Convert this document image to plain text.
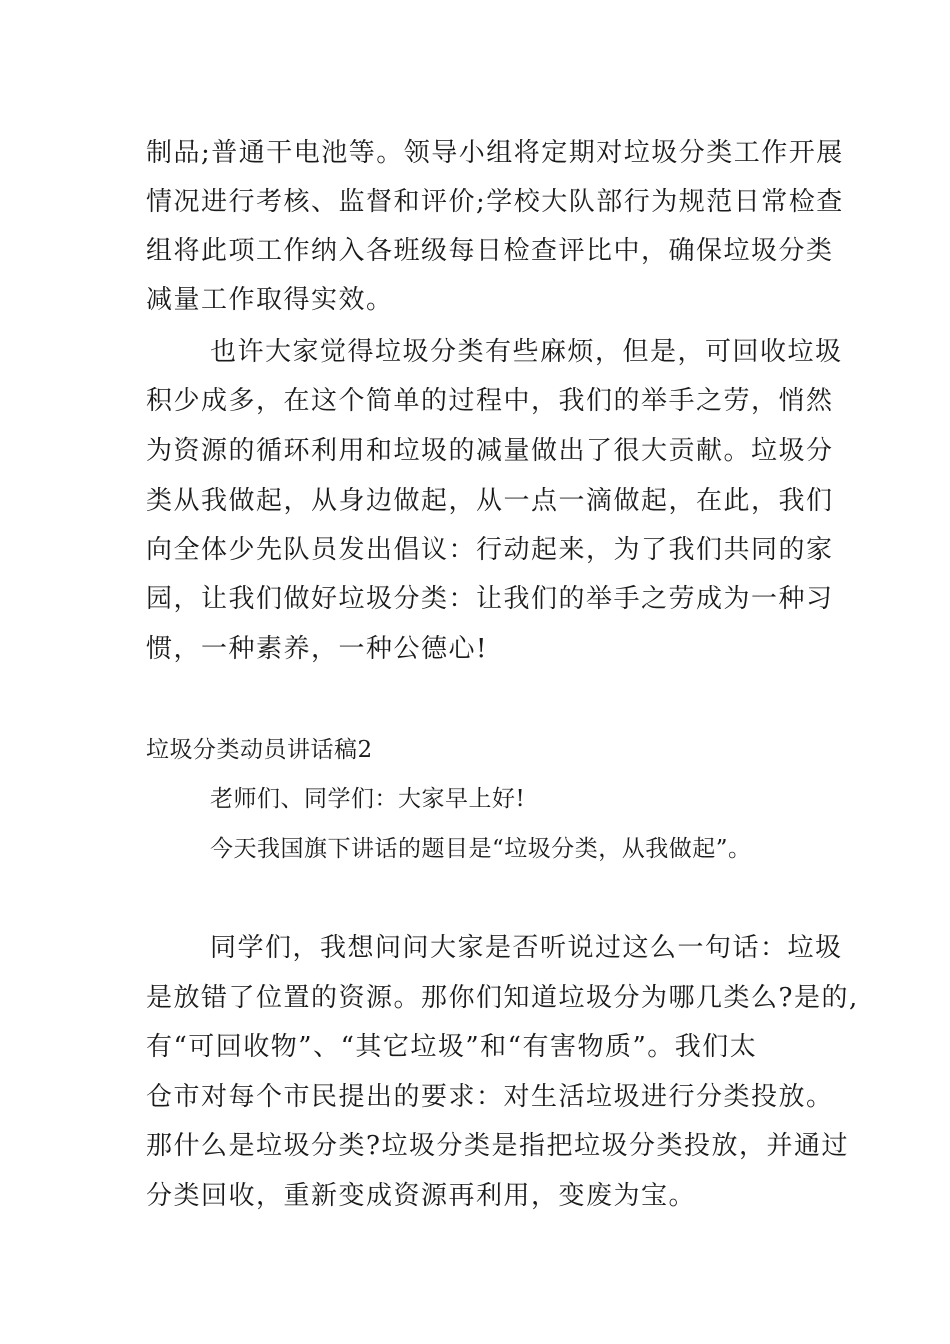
制品;普通干电池等。领导小组将定期对垃圾分类工作开展
情况进行考核、监督和评价;学校大队部行为规范日常检查
组将此项工作纳入各班级每日检查评比中，确保垃圾分类
减量工作取得实效。
也许大家觉得垃圾分类有些麻烦，但是，可回收垃圾
积少成多，在这个简单的过程中，我们的举手之劳，悄然
为资源的循环利用和垃圾的减量做出了很大贡献。垃圾分
类从我做起，从身边做起，从一点一滴做起，在此，我们
向全体少先队员发出倡议：行动起来，为了我们共同的家
园，让我们做好垃圾分类：让我们的举手之劳成为一种习
惯，一种素养，一种公德心!
垃圾分类动员讲话稿2
老师们、同学们：大家早上好!
今天我国旗下讲话的题目是“垃圾分类，从我做起”。
同学们，我想问问大家是否听说过这么一句话：垃圾
是放错了位置的资源。那你们知道垃圾分为哪几类么?是的,
有“可回收物”、“其它垃圾”和“有害物质”。我们太
仓市对每个市民提出的要求：对生活垃圾进行分类投放。
那什么是垃圾分类?垃圾分类是指把垃圾分类投放，并通过
分类回收，重新变成资源再利用，变废为宝。
